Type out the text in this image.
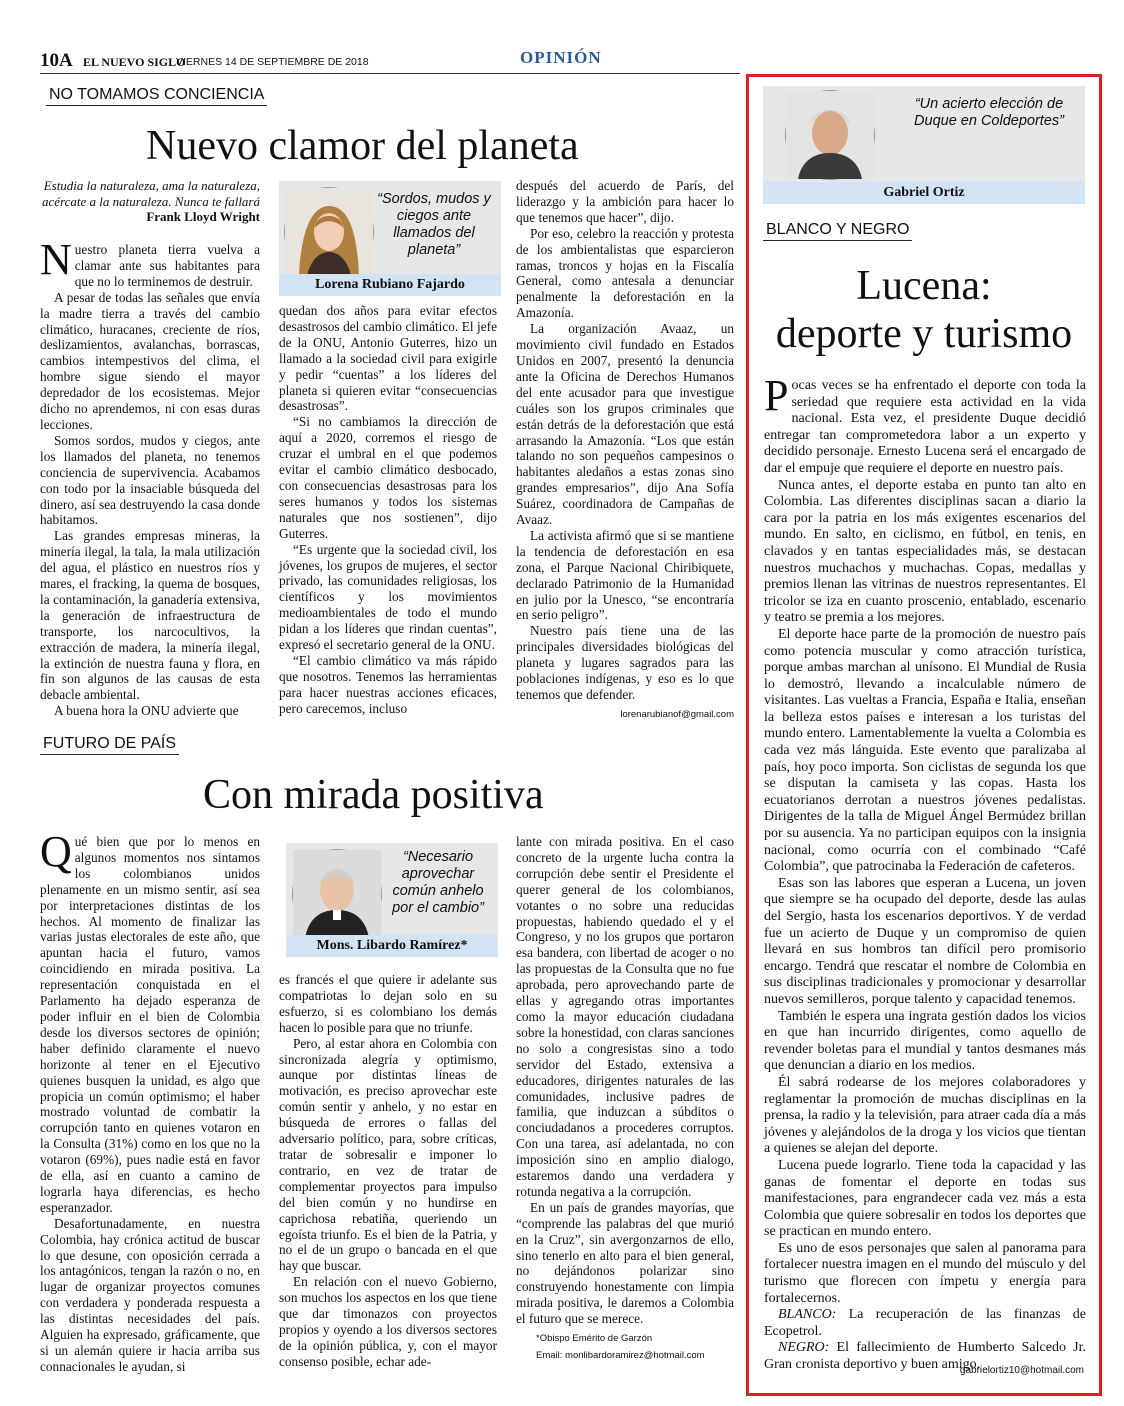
10A EL NUEVO SIGLO
VIERNES 14 DE SEPTIEMBRE DE 2018	OPINIÓN
NO TOMAMOS CONCIENCIA
Nuevo clamor del planeta
Estudia la naturaleza, ama la naturaleza, acércate a la naturaleza. Nunca te fallará
Frank Lloyd Wright

Nuestro planeta tierra vuelva a clamar ante sus habitantes para que no lo terminemos de destruir.

A pesar de todas las señales que envía la madre tierra a través del cambio climático, huracanes, creciente de ríos, deslizamientos, avalanchas, borrascas, cambios intempestivos del clima, el hombre sigue siendo el mayor depredador de los ecosistemas. Mejor dicho no aprendemos, ni con esas duras lecciones.

Somos sordos, mudos y ciegos, ante los llamados del planeta, no tenemos conciencia de supervivencia. Acabamos con todo por la insaciable búsqueda del dinero, así sea destruyendo la casa donde habitamos.

Las grandes empresas mineras, la minería ilegal, la tala, la mala utilización del agua, el plástico en nuestros ríos y mares, el fracking, la quema de bosques, la contaminación, la ganadería extensiva, la generación de infraestructura de transporte, los narcocultivos, la extracción de madera, la minería ilegal, la extinción de nuestra fauna y flora, en fin son algunos de las causas de esta debacle ambiental.

A buena hora la ONU advierte que

“Sordos, mudos y ciegos ante llamados del planeta”
Lorena Rubiano Fajardo

quedan dos años para evitar efectos desastrosos del cambio climático. El jefe de la ONU, Antonio Guterres, hizo un llamado a la sociedad civil para exigirle y pedir “cuentas” a los líderes del planeta si quieren evitar “consecuencias desastrosas”.

“Si no cambiamos la dirección de aquí a 2020, corremos el riesgo de cruzar el umbral en el que podemos evitar el cambio climático desbocado, con consecuencias desastrosas para los seres humanos y todos los sistemas naturales que nos sostienen”, dijo Guterres.

“Es urgente que la sociedad civil, los jóvenes, los grupos de mujeres, el sector privado, las comunidades religiosas, los científicos y los movimientos medioambientales de todo el mundo pidan a los líderes que rindan cuentas”, expresó el secretario general de la ONU.

“El cambio climático va más rápido que nosotros. Tenemos las herramientas para hacer nuestras acciones eficaces, pero carecemos, incluso

después del acuerdo de París, del liderazgo y la ambición para hacer lo que tenemos que hacer”, dijo.

Por eso, celebro la reacción y protesta de los ambientalistas que esparcieron ramas, troncos y hojas en la Fiscalía General, como antesala a denunciar penalmente la deforestación en la Amazonía.

La organización Avaaz, un movimiento civil fundado en Estados Unidos en 2007, presentó la denuncia ante la Oficina de Derechos Humanos del ente acusador para que investigue cuáles son los grupos criminales que están detrás de la deforestación que está arrasando la Amazonía. “Los que están talando no son pequeños campesinos o habitantes aledaños a estas zonas sino grandes empresarios”, dijo Ana Sofía Suárez, coordinadora de Campañas de Avaaz.

La activista afirmó que si se mantiene la tendencia de deforestación en esa zona, el Parque Nacional Chiribiquete, declarado Patrimonio de la Humanidad en julio por la Unesco, “se encontraría en serio peligro”.

Nuestro país tiene una de las principales diversidades biológicas del planeta y lugares sagrados para las poblaciones indígenas, y eso es lo que tenemos que defender.

lorenarubianof@gmail.com

FUTURO DE PAÍS
Con mirada positiva

Qué bien que por lo menos en algunos momentos nos sintamos los colombianos unidos plenamente en un mismo sentir, así sea por interpretaciones distintas de los hechos. Al momento de finalizar las varias justas electorales de este año, que apuntan hacia el futuro, vamos coincidiendo en mirada positiva. La representación conquistada en el Parlamento ha dejado esperanza de poder influir en el bien de Colombia desde los diversos sectores de opinión; haber definido claramente el nuevo horizonte al tener en el Ejecutivo quienes busquen la unidad, es algo que propicia un común optimismo; el haber mostrado voluntad de combatir la corrupción tanto en quienes votaron en la Consulta (31%) como en los que no la votaron (69%), pues nadie está en favor de ella, así en cuanto a camino de lograrla haya diferencias, es hecho esperanzador.

Desafortunadamente, en nuestra Colombia, hay crónica actitud de buscar lo que desune, con oposición cerrada a los antagónicos, tengan la razón o no, en lugar de organizar proyectos comunes con verdadera y ponderada respuesta a las distintas necesidades del país. Alguien ha expresado, gráficamente, que si un alemán quiere ir hacia arriba sus connacionales le ayudan, si

“Necesario aprovechar común anhelo por el cambio”
Mons. Libardo Ramírez*

es francés el que quiere ir adelante sus compatriotas lo dejan solo en su esfuerzo, si es colombiano los demás hacen lo posible para que no triunfe.

Pero, al estar ahora en Colombia con sincronizada alegría y optimismo, aunque por distintas líneas de motivación, es preciso aprovechar este común sentir y anhelo, y no estar en búsqueda de errores o fallas del adversario político, para, sobre críticas, tratar de sobresalir e imponer lo contrario, en vez de tratar de complementar proyectos para impulso del bien común y no hundirse en caprichosa rebatiña, queriendo un egoísta triunfo. Es el bien de la Patria, y no el de un grupo o bancada en el que hay que buscar.

En relación con el nuevo Gobierno, son muchos los aspectos en los que tiene que dar timonazos con proyectos propios y oyendo a los diversos sectores de la opinión pública, y, con el mayor consenso posible, echar ade-

lante con mirada positiva. En el caso concreto de la urgente lucha contra la corrupción debe sentir el Presidente el querer general de los colombianos, votantes o no sobre una reducidas propuestas, habiendo quedado el y el Congreso, y no los grupos que portaron esa bandera, con libertad de acoger o no las propuestas de la Consulta que no fue aprobada, pero aprovechando parte de ellas y agregando otras importantes como la mayor educación ciudadana sobre la honestidad, con claras sanciones no solo a congresistas sino a todo servidor del Estado, extensiva a educadores, dirigentes naturales de las comunidades, inclusive padres de familia, que induzcan a súbditos o conciudadanos a procederes corruptos. Con una tarea, así adelantada, no con imposición sino en amplio dialogo, estaremos dando una verdadera y rotunda negativa a la corrupción.

En un país de grandes mayorías, que “comprende las palabras del que murió en la Cruz”, sin avergonzarnos de ello, sino tenerlo en alto para el bien general, no dejándonos polarizar sino construyendo honestamente con limpia mirada positiva, le daremos a Colombia el futuro que se merece.

*Obispo Emérito de Garzón

Email: monlibardoramirez@hotmail.com

“Un acierto elección de Duque en Coldeportes”
Gabriel Ortiz
BLANCO Y NEGRO
Lucena:
deporte y turismo

Pocas veces se ha enfrentado el deporte con toda la seriedad que requiere esta actividad en la vida nacional. Esta vez, el presidente Duque decidió entregar tan comprometedora labor a un experto y decidido personaje. Ernesto Lucena será el encargado de dar el empuje que requiere el deporte en nuestro país.

Nunca antes, el deporte estaba en punto tan alto en Colombia. Las diferentes disciplinas sacan a diario la cara por la patria en los más exigentes escenarios del mundo. En salto, en ciclismo, en fútbol, en tenis, en clavados y en tantas especialidades más, se destacan nuestros muchachos y muchachas. Copas, medallas y premios llenan las vitrinas de nuestros representantes. El tricolor se iza en cuanto proscenio, entablado, escenario y teatro se premia a los mejores.

El deporte hace parte de la promoción de nuestro país como potencia muscular y como atracción turística, porque ambas marchan al unísono. El Mundial de Rusia lo demostró, llevando a incalculable número de visitantes. Las vueltas a Francia, España e Italia, enseñan la belleza estos países e interesan a los turistas del mundo entero. Lamentablemente la vuelta a Colombia es cada vez más lánguida. Este evento que paralizaba al país, hoy poco importa. Son ciclistas de segunda los que se disputan la camiseta y las copas. Hasta los ecuatorianos derrotan a nuestros jóvenes pedalistas. Dirigentes de la talla de Miguel Ángel Bermúdez brillan por su ausencia. Ya no participan equipos con la insignia nacional, como ocurría con el combinado “Café Colombia”, que patrocinaba la Federación de cafeteros.

Esas son las labores que esperan a Lucena, un joven que siempre se ha ocupado del deporte, desde las aulas del Sergio, hasta los escenarios deportivos. Y de verdad fue un acierto de Duque y un compromiso de quien llevará en sus hombros tan difícil pero promisorio encargo. Tendrá que rescatar el nombre de Colombia en sus disciplinas tradicionales y promocionar y desarrollar nuevos semilleros, porque talento y capacidad tenemos.

También le espera una ingrata gestión dados los vicios en que han incurrido dirigentes, como aquello de revender boletas para el mundial y tantos desmanes más que denuncian a diario en los medios.

Él sabrá rodearse de los mejores colaboradores y reglamentar la promoción de muchas disciplinas en la prensa, la radio y la televisión, para atraer cada día a más jóvenes y alejándolos de la droga y los vicios que tientan a quienes se alejan del deporte.

Lucena puede lograrlo. Tiene toda la capacidad y las ganas de fomentar el deporte en todas sus manifestaciones, para engrandecer cada vez más a esta Colombia que quiere sobresalir en todos los deportes que se practican en mundo entero.

Es uno de esos personajes que salen al panorama para fortalecer nuestra imagen en el mundo del músculo y del turismo que florecen con ímpetu y energía para fortalecernos.

BLANCO: La recuperación de las finanzas de Ecopetrol.

NEGRO: El fallecimiento de Humberto Salcedo Jr. Gran cronista deportivo y buen amigo.

gabrielortiz10@hotmail.com
